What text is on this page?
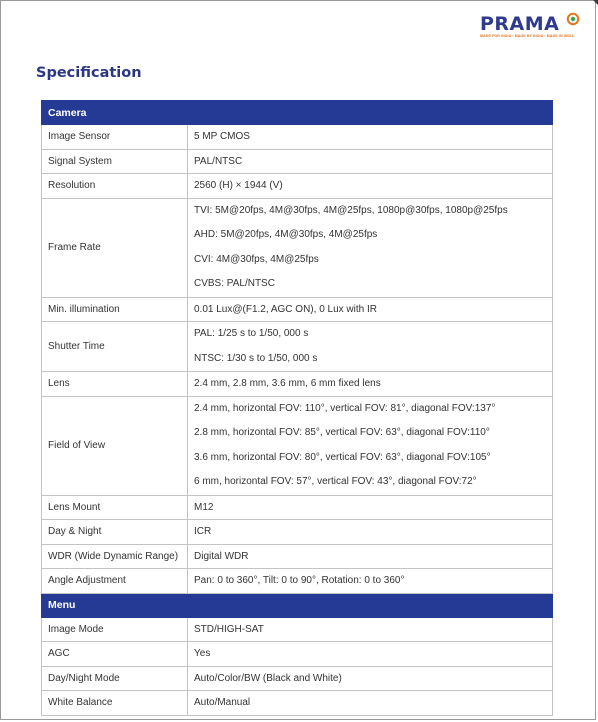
PRAMA
MADE FOR INDIA • MADE BY INDIA • MADE IN INDIA
Specification
Camera	
Image Sensor	5 MP CMOS
Signal System	PAL/NTSC
Resolution	2560 (H) × 1944 (V)
Frame Rate	TVI: 5M@20fps, 4M@30fps, 4M@25fps, 1080p@30fps, 1080p@25fps
AHD: 5M@20fps, 4M@30fps, 4M@25fps
CVI: 4M@30fps, 4M@25fps
CVBS: PAL/NTSC

Min. illumination	0.01 Lux@(F1.2, AGC ON), 0 Lux with IR
Shutter Time	PAL: 1/25 s to 1/50, 000 s
NTSC: 1/30 s to 1/50, 000 s

Lens	2.4 mm, 2.8 mm, 3.6 mm, 6 mm fixed lens
Field of View	2.4 mm, horizontal FOV: 110°, vertical FOV: 81°, diagonal FOV:137°
2.8 mm, horizontal FOV: 85°, vertical FOV: 63°, diagonal FOV:110°
3.6 mm, horizontal FOV: 80°, vertical FOV: 63°, diagonal FOV:105°
6 mm, horizontal FOV: 57°, vertical FOV: 43°, diagonal FOV:72°

Lens Mount	M12
Day & Night	ICR
WDR (Wide Dynamic Range)	Digital WDR
Angle Adjustment	Pan: 0 to 360°, Tilt: 0 to 90°, Rotation: 0 to 360°
Menu	
Image Mode	STD/HIGH-SAT
AGC	Yes
Day/Night Mode	Auto/Color/BW (Black and White)
White Balance	Auto/Manual
